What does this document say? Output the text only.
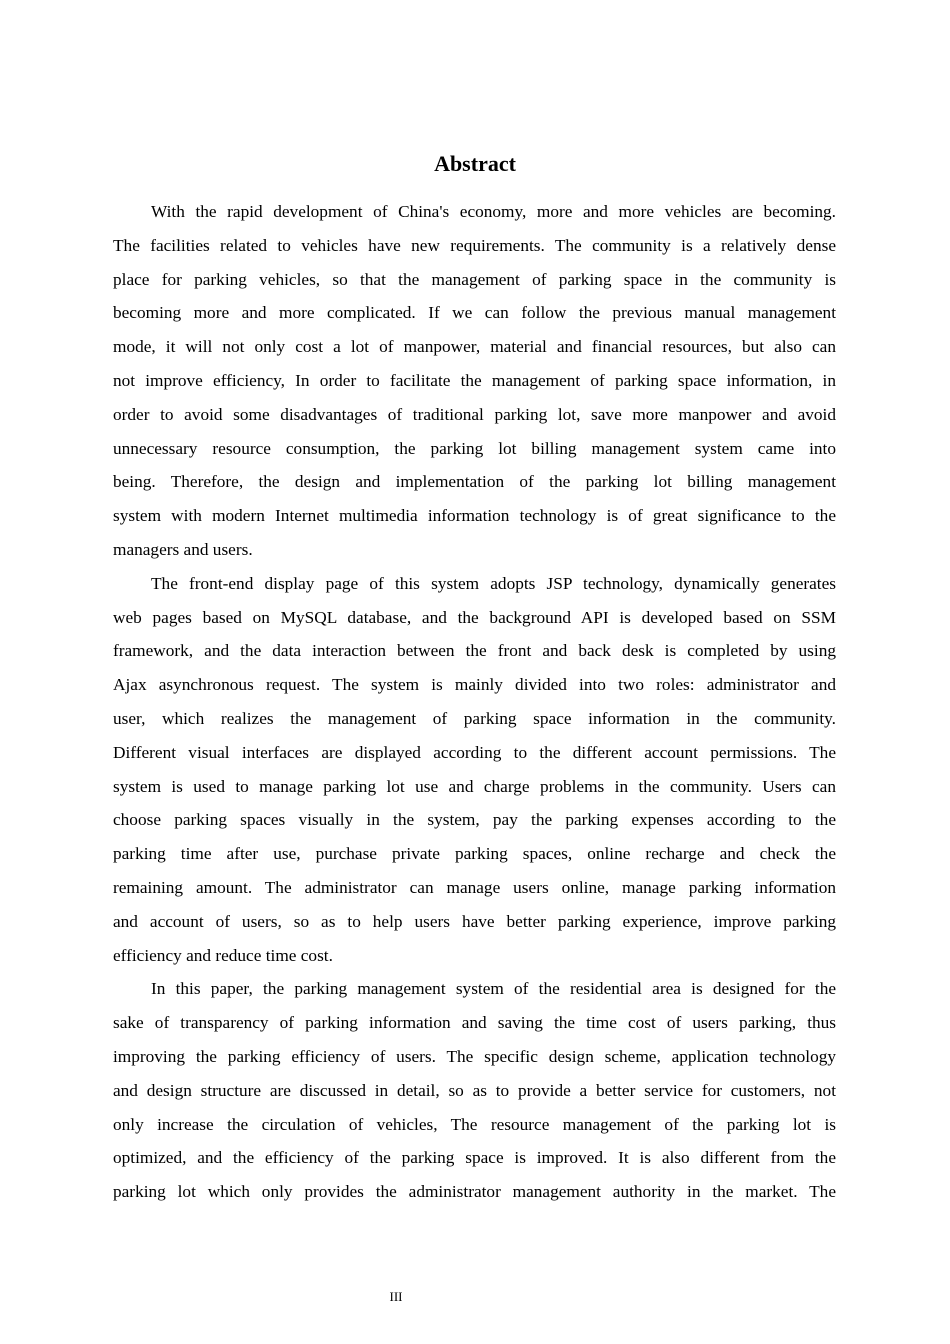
Abstract
With the rapid development of China's economy, more and more vehicles are becoming.
The facilities related to vehicles have new requirements. The community is a relatively dense
place for parking vehicles, so that the management of parking space in the community is
becoming more and more complicated. If we can follow the previous manual management
mode, it will not only cost a lot of manpower, material and financial resources, but also can
not improve efficiency, In order to facilitate the management of parking space information, in
order to avoid some disadvantages of traditional parking lot, save more manpower and avoid
unnecessary resource consumption, the parking lot billing management system came into
being. Therefore, the design and implementation of the parking lot billing management
system with modern Internet multimedia information technology is of great significance to the
managers and users.
The front-end display page of this system adopts JSP technology, dynamically generates
web pages based on MySQL database, and the background API is developed based on SSM
framework, and the data interaction between the front and back desk is completed by using
Ajax asynchronous request. The system is mainly divided into two roles: administrator and
user, which realizes the management of parking space information in the community.
Different visual interfaces are displayed according to the different account permissions. The
system is used to manage parking lot use and charge problems in the community. Users can
choose parking spaces visually in the system, pay the parking expenses according to the
parking time after use, purchase private parking spaces, online recharge and check the
remaining amount. The administrator can manage users online, manage parking information
and account of users, so as to help users have better parking experience, improve parking
efficiency and reduce time cost.
In this paper, the parking management system of the residential area is designed for the
sake of transparency of parking information and saving the time cost of users parking, thus
improving the parking efficiency of users. The specific design scheme, application technology
and design structure are discussed in detail, so as to provide a better service for customers, not
only increase the circulation of vehicles, The resource management of the parking lot is
optimized, and the efficiency of the parking space is improved. It is also different from the
parking lot which only provides the administrator management authority in the market. The
III
